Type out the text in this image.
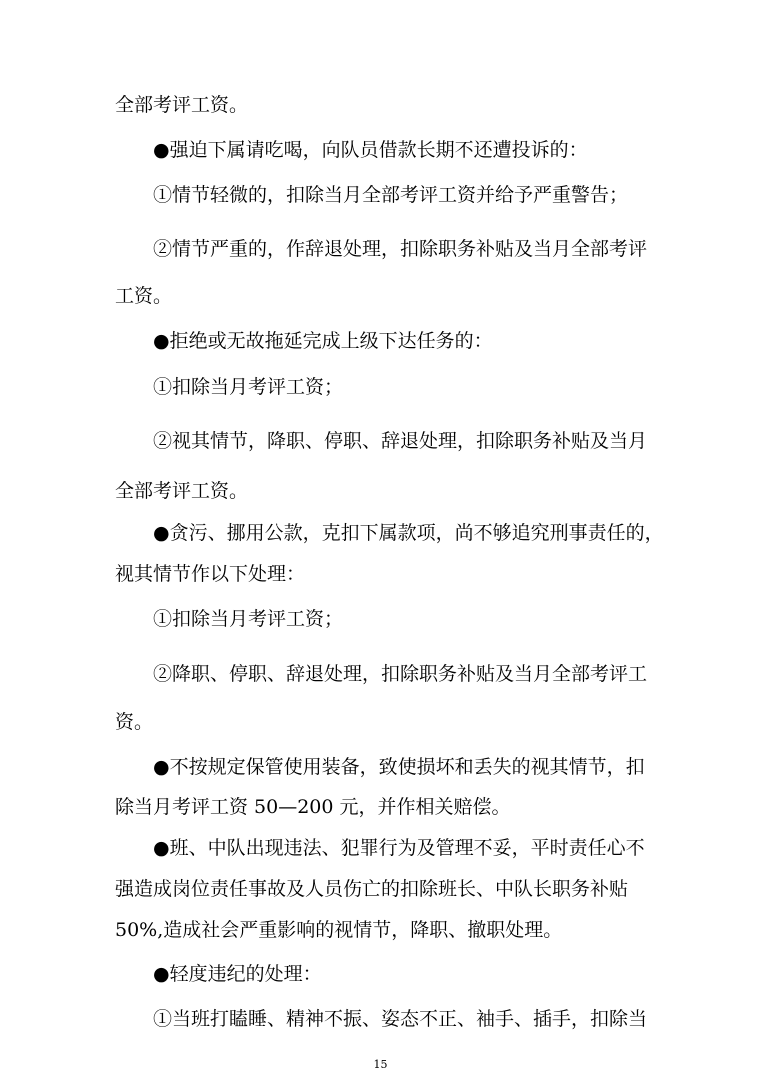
全部考评工资。
●强迫下属请吃喝，向队员借款长期不还遭投诉的：
①情节轻微的，扣除当月全部考评工资并给予严重警告；
②情节严重的，作辞退处理，扣除职务补贴及当月全部考评
工资。
●拒绝或无故拖延完成上级下达任务的：
①扣除当月考评工资；
②视其情节，降职、停职、辞退处理，扣除职务补贴及当月
全部考评工资。
●贪污、挪用公款，克扣下属款项，尚不够追究刑事责任的，
视其情节作以下处理：
①扣除当月考评工资；
②降职、停职、辞退处理，扣除职务补贴及当月全部考评工
资。
●不按规定保管使用装备，致使损坏和丢失的视其情节，扣
除当月考评工资 50—200 元，并作相关赔偿。
●班、中队出现违法、犯罪行为及管理不妥，平时责任心不
强造成岗位责任事故及人员伤亡的扣除班长、中队长职务补贴
50%,造成社会严重影响的视情节，降职、撤职处理。
●轻度违纪的处理：
①当班打瞌睡、精神不振、姿态不正、袖手、插手，扣除当
15
